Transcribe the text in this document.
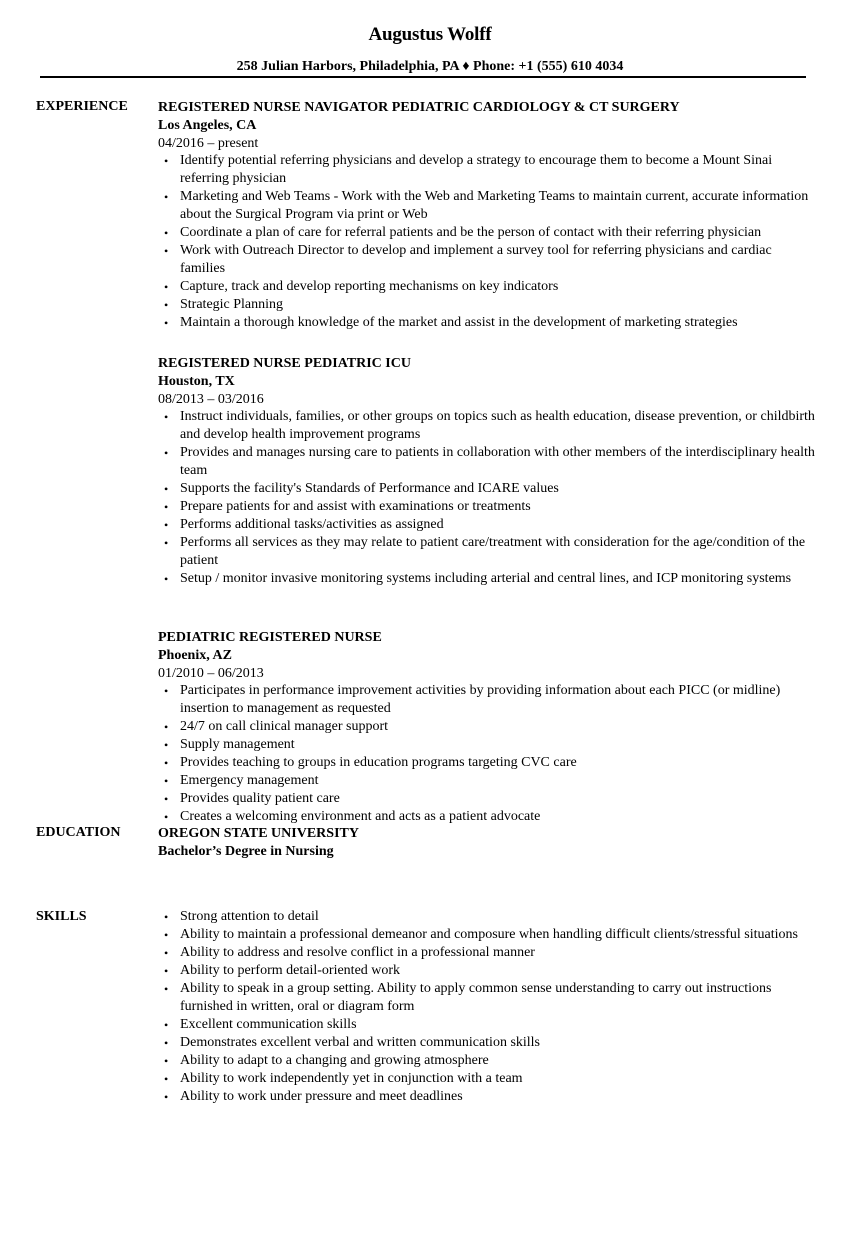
Augustus Wolff
258 Julian Harbors, Philadelphia, PA ♦ Phone: +1 (555) 610 4034
EXPERIENCE REGISTERED NURSE NAVIGATOR PEDIATRIC CARDIOLOGY & CT SURGERY
Los Angeles, CA
04/2016 – present
• Identify potential referring physicians and develop a strategy to encourage them to become a Mount Sinai referring physician
• Marketing and Web Teams - Work with the Web and Marketing Teams to maintain current, accurate information about the Surgical Program via print or Web
• Coordinate a plan of care for referral patients and be the person of contact with their referring physician
• Work with Outreach Director to develop and implement a survey tool for referring physicians and cardiac families
• Capture, track and develop reporting mechanisms on key indicators
• Strategic Planning
• Maintain a thorough knowledge of the market and assist in the development of marketing strategies
REGISTERED NURSE PEDIATRIC ICU
Houston, TX
08/2013 – 03/2016
• Instruct individuals, families, or other groups on topics such as health education, disease prevention, or childbirth and develop health improvement programs
• Provides and manages nursing care to patients in collaboration with other members of the interdisciplinary health team
• Supports the facility's Standards of Performance and ICARE values
• Prepare patients for and assist with examinations or treatments
• Performs additional tasks/activities as assigned
• Performs all services as they may relate to patient care/treatment with consideration for the age/condition of the patient
• Setup / monitor invasive monitoring systems including arterial and central lines, and ICP monitoring systems
PEDIATRIC REGISTERED NURSE
Phoenix, AZ
01/2010 – 06/2013
• Participates in performance improvement activities by providing information about each PICC (or midline) insertion to management as requested
• 24/7 on call clinical manager support
• Supply management
• Provides teaching to groups in education programs targeting CVC care
• Emergency management
• Provides quality patient care
• Creates a welcoming environment and acts as a patient advocate
EDUCATION	OREGON STATE UNIVERSITY
Bachelor’s Degree in Nursing
SKILLS	• Strong attention to detail
• Ability to maintain a professional demeanor and composure when handling difficult clients/stressful situations
• Ability to address and resolve conflict in a professional manner
• Ability to perform detail-oriented work
• Ability to speak in a group setting. Ability to apply common sense understanding to carry out instructions furnished in written, oral or diagram form
• Excellent communication skills
• Demonstrates excellent verbal and written communication skills
• Ability to adapt to a changing and growing atmosphere
• Ability to work independently yet in conjunction with a team
• Ability to work under pressure and meet deadlines
